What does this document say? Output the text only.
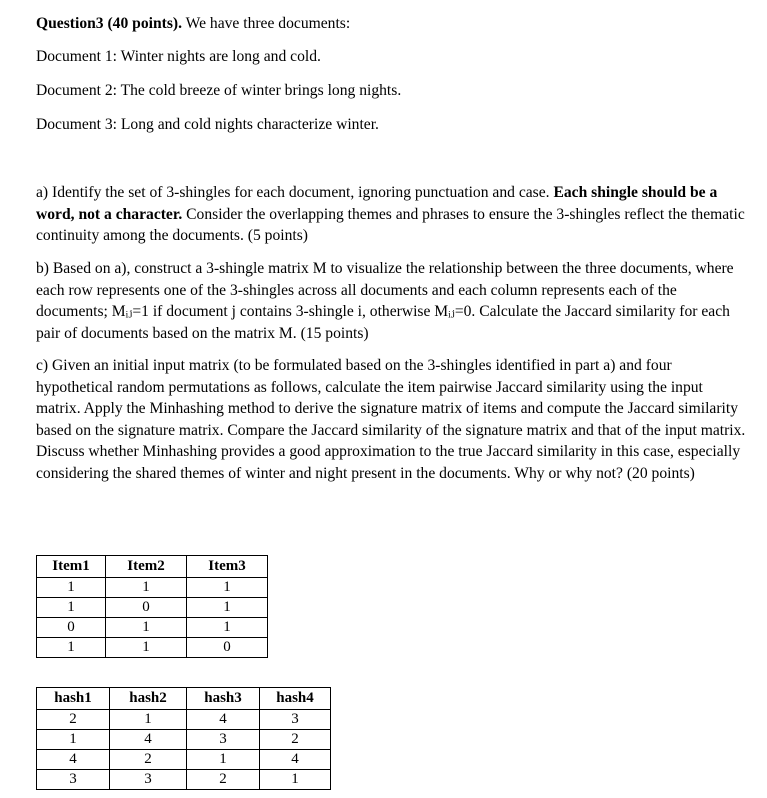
Question3 (40 points). We have three documents:
Document 1: Winter nights are long and cold.
Document 2: The cold breeze of winter brings long nights.
Document 3: Long and cold nights characterize winter.
a) Identify the set of 3-shingles for each document, ignoring punctuation and case. Each shingle should be a word, not a character. Consider the overlapping themes and phrases to ensure the 3-shingles reflect the thematic continuity among the documents. (5 points)
b) Based on a), construct a 3-shingle matrix M to visualize the relationship between the three documents, where each row represents one of the 3-shingles across all documents and each column represents each of the documents; Mᵢⱼ=1 if document j contains 3-shingle i, otherwise Mᵢⱼ=0. Calculate the Jaccard similarity for each pair of documents based on the matrix M. (15 points)
c) Given an initial input matrix (to be formulated based on the 3-shingles identified in part a) and four hypothetical random permutations as follows, calculate the item pairwise Jaccard similarity using the input matrix. Apply the Minhashing method to derive the signature matrix of items and compute the Jaccard similarity based on the signature matrix. Compare the Jaccard similarity of the signature matrix and that of the input matrix. Discuss whether Minhashing provides a good approximation to the true Jaccard similarity in this case, especially considering the shared themes of winter and night present in the documents. Why or why not? (20 points)
Item1	Item2	Item3
1	1	1
1	0	1
0	1	1
1	1	0
hash1	hash2	hash3	hash4
2	1	4	3
1	4	3	2
4	2	1	4
3	3	2	1
